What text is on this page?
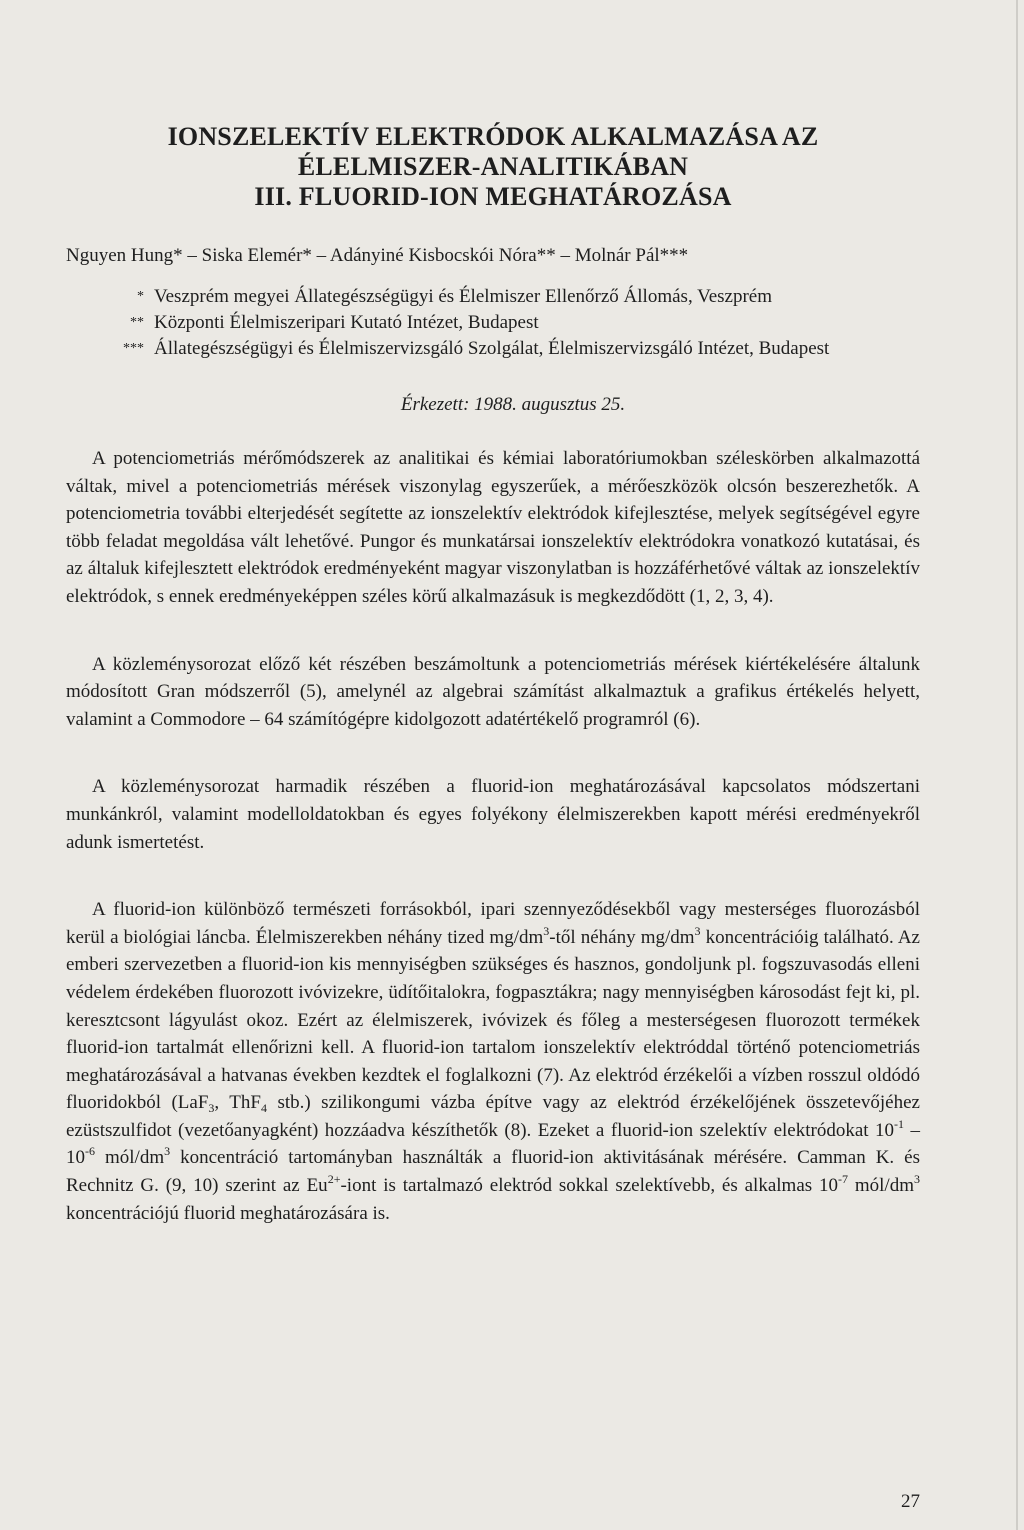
IONSZELEKTÍV ELEKTRÓDOK ALKALMAZÁSA AZ
ÉLELMISZER-ANALITIKÁBAN
III. FLUORID-ION MEGHATÁROZÁSA
Nguyen Hung* – Siska Elemér* – Adányiné Kisbocskói Nóra** – Molnár Pál***
* Veszprém megyei Állategészségügyi és Élelmiszer Ellenőrző Állomás, Veszprém
** Központi Élelmiszeripari Kutató Intézet, Budapest
*** Állategészségügyi és Élelmiszervizsgáló Szolgálat, Élelmiszervizsgáló Intézet, Budapest
Érkezett: 1988. augusztus 25.

A potenciometriás mérőmódszerek az analitikai és kémiai laboratóriumokban széleskörben alkalmazottá váltak, mivel a potenciometriás mérések viszonylag egyszerűek, a mérőeszközök olcsón beszerezhetők. A potenciometria további elterjedését segítette az ionszelektív elektródok kifejlesztése, melyek segítségével egyre több feladat megoldása vált lehetővé. Pungor és munkatársai ionszelektív elektródokra vonatkozó kutatásai, és az általuk kifejlesztett elektródok eredményeként magyar viszonylatban is hozzáférhetővé váltak az ionszelektív elektródok, s ennek eredményeképpen széles körű alkalmazásuk is megkezdődött (1, 2, 3, 4).

A közleménysorozat előző két részében beszámoltunk a potenciometriás mérések kiértékelésére általunk módosított Gran módszerről (5), amelynél az algebrai számítást alkalmaztuk a grafikus értékelés helyett, valamint a Commodore – 64 számítógépre kidolgozott adatértékelő programról (6).

A közleménysorozat harmadik részében a fluorid-ion meghatározásával kapcsolatos módszertani munkánkról, valamint modelloldatokban és egyes folyékony élelmiszerekben kapott mérési eredményekről adunk ismertetést.

A fluorid-ion különböző természeti forrásokból, ipari szennyeződésekből vagy mesterséges fluorozásból kerül a biológiai láncba. Élelmiszerekben néhány tized $mg/dm^3$-től néhány $mg/dm^3$ koncentrációig található. Az emberi szervezetben a fluorid-ion kis mennyiségben szükséges és hasznos, gondoljunk pl. fogszuvasodás elleni védelem érdekében fluorozott ivóvizekre, üdítőitalokra, fogpasztákra; nagy mennyiségben károsodást fejt ki, pl. keresztcsont lágyulást okoz. Ezért az élelmiszerek, ivóvizek és főleg a mesterségesen fluorozott termékek fluorid-ion tartalmát ellenőrizni kell. A fluorid-ion tartalom ionszelektív elektróddal történő potenciometriás meghatározásával a hatvanas években kezdtek el foglalkozni (7). Az elektród érzékelői a vízben rosszul oldódó fluoridokból (LaF$_3$, ThF$_4$ stb.) szilikongumi vázba építve vagy az elektród érzékelőjének összetevőjéhez ezüstszulfidot (vezetőanyagként) hozzáadva készíthetők (8). Ezeket a fluorid-ion szelektív elektródokat $10^{-1} - 10^{-6}$ mól/$dm^3$ koncentráció tartományban használták a fluorid-ion aktivitásának mérésére. Camman K. és Rechnitz G. (9, 10) szerint az $Eu^{2+}$-iont is tartalmazó elektród sokkal szelektívebb, és alkalmas $10^{-7}$ mól/$dm^3$ koncentrációjú fluorid meghatározására is.

27
